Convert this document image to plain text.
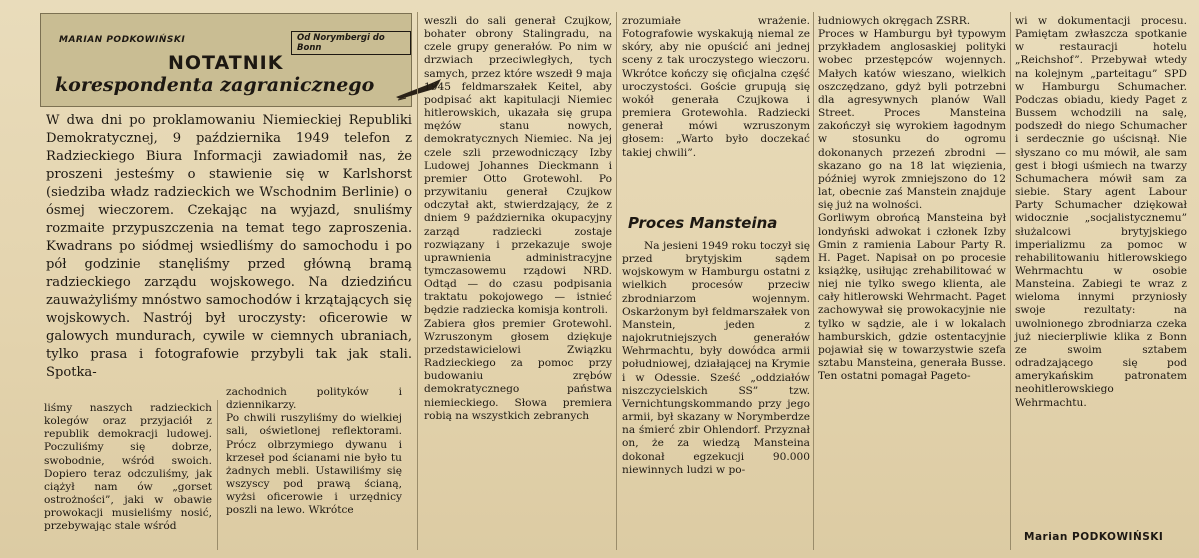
MARIAN PODKOWIŃSKI	Od Norymbergi do Bonn
NOTATNIK
korespondenta zagranicznego
W dwa dni po proklamowaniu Niemieckiej Republiki Demokratycznej, 9 października 1949 telefon z Radzieckiego Biura Informacji zawiadomił nas, że proszeni jesteśmy o stawienie się w Karlshorst (siedziba władz radzieckich we Wschodnim Berlinie) o ósmej wieczorem. Czekając na wyjazd, snuliśmy rozmaite przypuszczenia na temat tego zaproszenia. Kwadrans po siódmej wsiedliśmy do samochodu i po pół godzinie stanęliśmy przed główną bramą radzieckiego zarządu wojskowego. Na dziedzińcu zauważyliśmy mnóstwo samochodów i krzątających się wojskowych. Nastrój był uroczysty: oficerowie w galowych mundurach, cywile w ciemnych ubraniach, tylko prasa i fotografowie przybyli tak jak stali. Spotka-

liśmy naszych radzieckich kolegów oraz przyjaciół z republik demokracji ludowej. Poczuliśmy się dobrze, swobodnie, wśród swoich. Dopiero teraz odczuliśmy, jak ciążył nam ów „gorset ostrożności”, jaki w obawie prowokacji musieliśmy nosić, przebywając stale wśród

zachodnich polityków i dziennikarzy.
Po chwili ruszyliśmy do wielkiej sali, oświetlonej reflektorami. Prócz olbrzymiego dywanu i krzeseł pod ścianami nie było tu żadnych mebli. Ustawiliśmy się wszyscy pod prawą ścianą, wyżsi oficerowie i urzędnicy poszli na lewo. Wkrótce

weszli do sali generał Czujkow, bohater obrony Stalingradu, na czele grupy generałów. Po nim w drzwiach przeciwległych, tych samych, przez które wszedł 9 maja 1945 feldmarszałek Keitel, aby podpisać akt kapitulacji Niemiec hitlerowskich, ukazała się grupa mężów stanu nowych, demokratycznych Niemiec. Na jej czele szli przewodniczący Izby Ludowej Johannes Dieckmann i premier Otto Grotewohl. Po przywitaniu generał Czujkow odczytał akt, stwierdzający, że z dniem 9 października okupacyjny zarząd radziecki zostaje rozwiązany i przekazuje swoje uprawnienia administracyjne tymczasowemu rządowi NRD. Odtąd — do czasu podpisania traktatu pokojowego — istnieć będzie radziecka komisja kontroli.
Zabiera głos premier Grotewohl. Wzruszonym głosem dziękuje przedstawicielowi Związku Radzieckiego za pomoc przy budowaniu zrębów demokratycznego państwa niemieckiego. Słowa premiera robią na wszystkich zebranych

zrozumiałe wrażenie. Fotografowie wyskakują niemal ze skóry, aby nie opuścić ani jednej sceny z tak uroczystego wieczoru. Wkrótce kończy się oficjalna część uroczystości. Goście grupują się wokół generała Czujkowa i premiera Grotewohla. Radziecki generał mówi wzruszonym głosem: „Warto było doczekać takiej chwili”.

Proces Mansteina

Na jesieni 1949 roku toczył się przed brytyjskim sądem wojskowym w Hamburgu ostatni z wielkich procesów przeciw zbrodniarzom wojennym. Oskarżonym był feldmarszałek von Manstein, jeden z najokrutniejszych generałów Wehrmachtu, były dowódca armii południowej, działającej na Krymie i w Odessie. Sześć „oddziałów niszczycielskich SS” tzw. Vernichtungskommando przy jego armii, był skazany w Norymberdze na śmierć zbir Ohlendorf. Przyznał on, że za wiedzą Mansteina dokonał egzekucji 90.000 niewinnych ludzi w po-

łudniowych okręgach ZSRR.
Proces w Hamburgu był typowym przykładem anglosaskiej polityki wobec przestępców wojennych. Małych katów wieszano, wielkich oszczędzano, gdyż byli potrzebni dla agresywnych planów Wall Street. Proces Mansteina zakończył się wyrokiem łagodnym w stosunku do ogromu dokonanych przezeń zbrodni — skazano go na 18 lat więzienia, później wyrok zmniejszono do 12 lat, obecnie zaś Manstein znajduje się już na wolności.
Gorliwym obrońcą Mansteina był londyński adwokat i członek Izby Gmin z ramienia Labour Party R. H. Paget. Napisał on po procesie książkę, usiłując zrehabilitować w niej nie tylko swego klienta, ale cały hitlerowski Wehrmacht. Paget zachowywał się prowokacyjnie nie tylko w sądzie, ale i w lokalach hamburskich, gdzie ostentacyjnie pojawiał się w towarzystwie szefa sztabu Mansteina, generała Busse. Ten ostatni pomagał Pageto-

wi w dokumentacji procesu. Pamiętam zwłaszcza spotkanie w restauracji hotelu „Reichshof”. Przebywał wtedy na kolejnym „parteitagu” SPD w Hamburgu Schumacher. Podczas obiadu, kiedy Paget z Bussem wchodzili na salę, podszedł do niego Schumacher i serdecznie go uścisnął. Nie słyszano co mu mówił, ale sam gest i błogi uśmiech na twarzy Schumachera mówił sam za siebie. Stary agent Labour Party Schumacher dziękował widocznie „socjalistycznemu” służalcowi brytyjskiego imperializmu za pomoc w rehabilitowaniu hitlerowskiego Wehrmachtu w osobie Mansteina. Zabiegi te wraz z wieloma innymi przyniosły swoje rezultaty: na uwolnionego zbrodniarza czeka już niecierpliwie klika z Bonn ze swoim sztabem odradzającego się pod amerykańskim patronatem neohitlerowskiego Wehrmachtu.

Marian PODKOWIŃSKI
